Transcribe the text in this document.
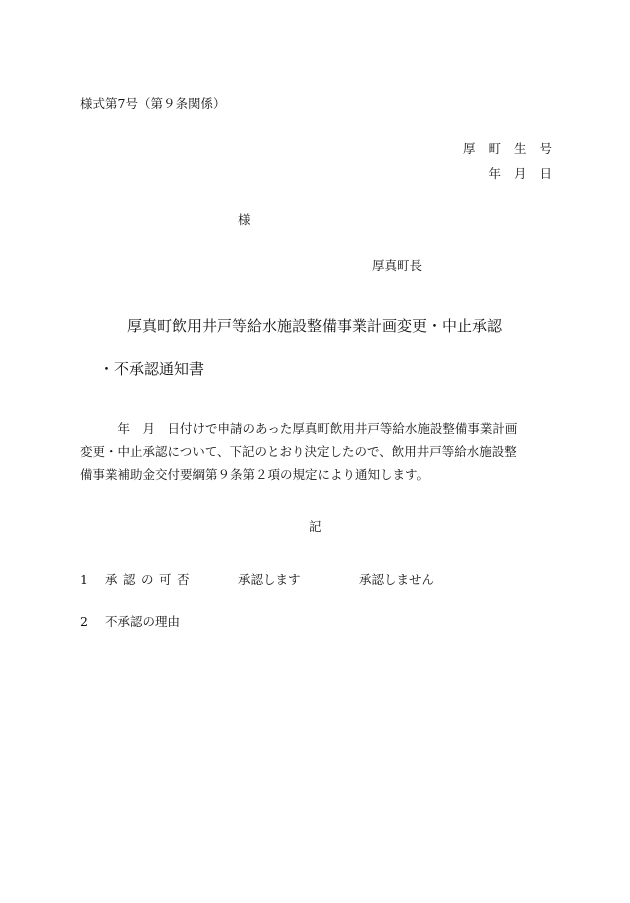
様式第7号（第９条関係）
厚町生号
年月日
様
厚真町長
厚真町飲用井戸等給水施設整備事業計画変更・中止承認
・不承認通知書
　　　年　月　日付けで申請のあった厚真町飲用井戸等給水施設整備事業計画
変更・中止承認について、下記のとおり決定したので、飲用井戸等給水施設整
備事業補助金交付要綱第９条第２項の規定により通知します。
記
1 承認の可否	承認します	承認しません
2 不承認の理由
